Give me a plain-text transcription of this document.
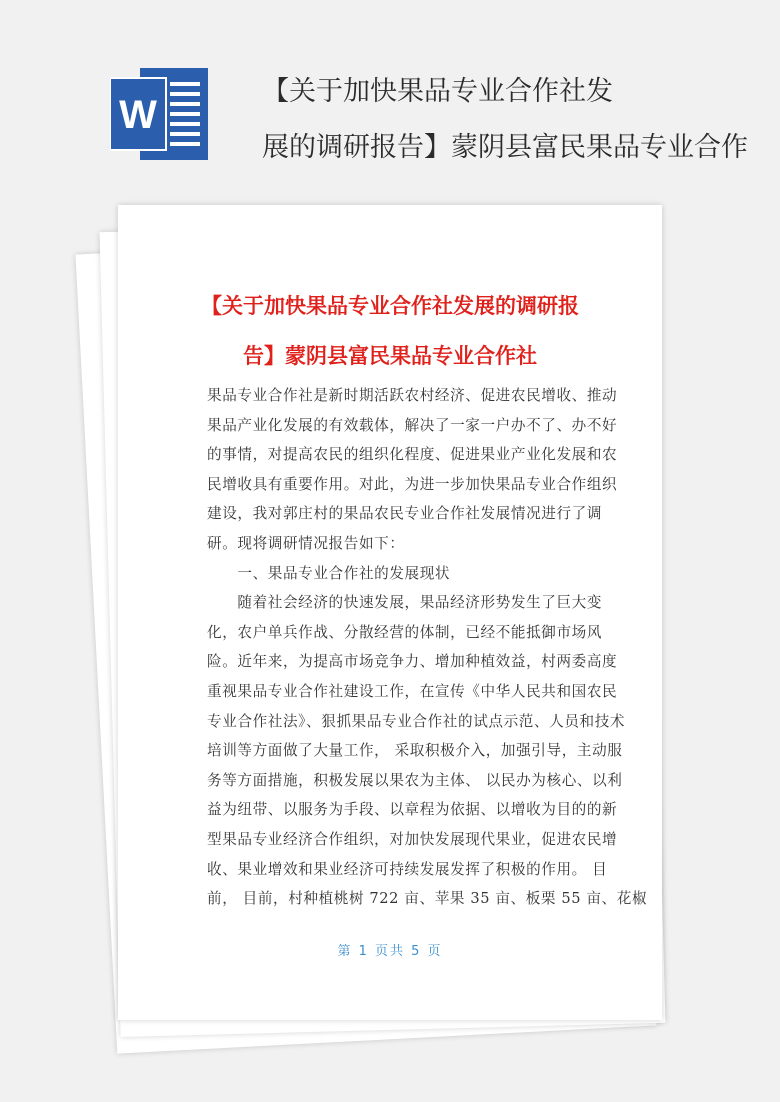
W
【关于加快果品专业合作社发
展的调研报告】蒙阴县富民果品专业合作
【关于加快果品专业合作社发展的调研报
告】蒙阴县富民果品专业合作社
果品专业合作社是新时期活跃农村经济、促进农民增收、推动
果品产业化发展的有效载体，解决了一家一户办不了、办不好
的事情，对提高农民的组织化程度、促进果业产业化发展和农
民增收具有重要作用。对此，为进一步加快果品专业合作组织
建设，我对郭庄村的果品农民专业合作社发展情况进行了调
研。现将调研情况报告如下：
　　一、果品专业合作社的发展现状
　　随着社会经济的快速发展，果品经济形势发生了巨大变
化，农户单兵作战、分散经营的体制，已经不能抵御市场风
险。近年来，为提高市场竞争力、增加种植效益，村两委高度
重视果品专业合作社建设工作，在宣传《中华人民共和国农民
专业合作社法》、狠抓果品专业合作社的试点示范、人员和技术
培训等方面做了大量工作， 采取积极介入，加强引导，主动服
务等方面措施，积极发展以果农为主体、 以民办为核心、以利
益为纽带、以服务为手段、以章程为依据、以增收为目的的新
型果品专业经济合作组织，对加快发展现代果业，促进农民增
收、果业增效和果业经济可持续发展发挥了积极的作用。 目
前， 目前，村种植桃树 722 亩、苹果 35 亩、板栗 55 亩、花椒
第 1 页共 5 页
